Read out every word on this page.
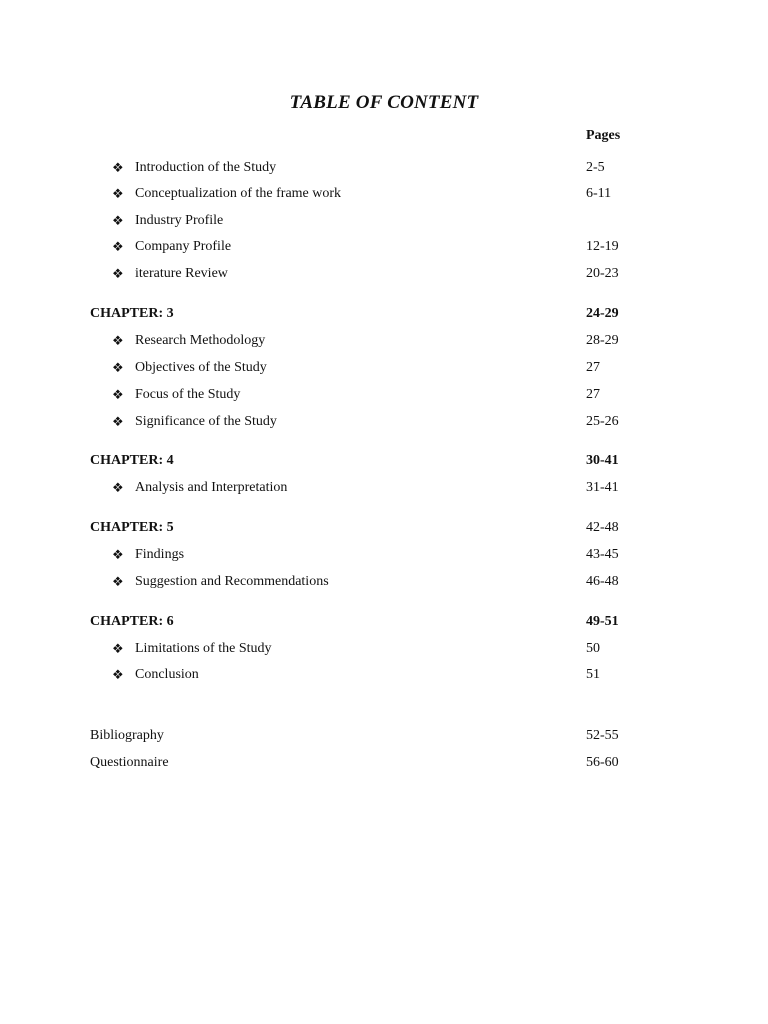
TABLE OF CONTENT
Pages
❖ Introduction of the Study	2-5
❖ Conceptualization of the frame work	6-11
❖ Industry Profile
❖ Company Profile	12-19
❖ iterature Review	20-23
CHAPTER: 3	24-29
❖ Research Methodology	28-29
❖ Objectives of the Study	27
❖ Focus of the Study	27
❖ Significance of the Study	25-26
CHAPTER: 4	30-41
❖ Analysis and Interpretation	31-41
CHAPTER: 5	42-48
❖ Findings	43-45
❖ Suggestion and Recommendations	46-48
CHAPTER: 6	49-51
❖ Limitations of the Study	50
❖ Conclusion	51
Bibliography	52-55
Questionnaire	56-60
